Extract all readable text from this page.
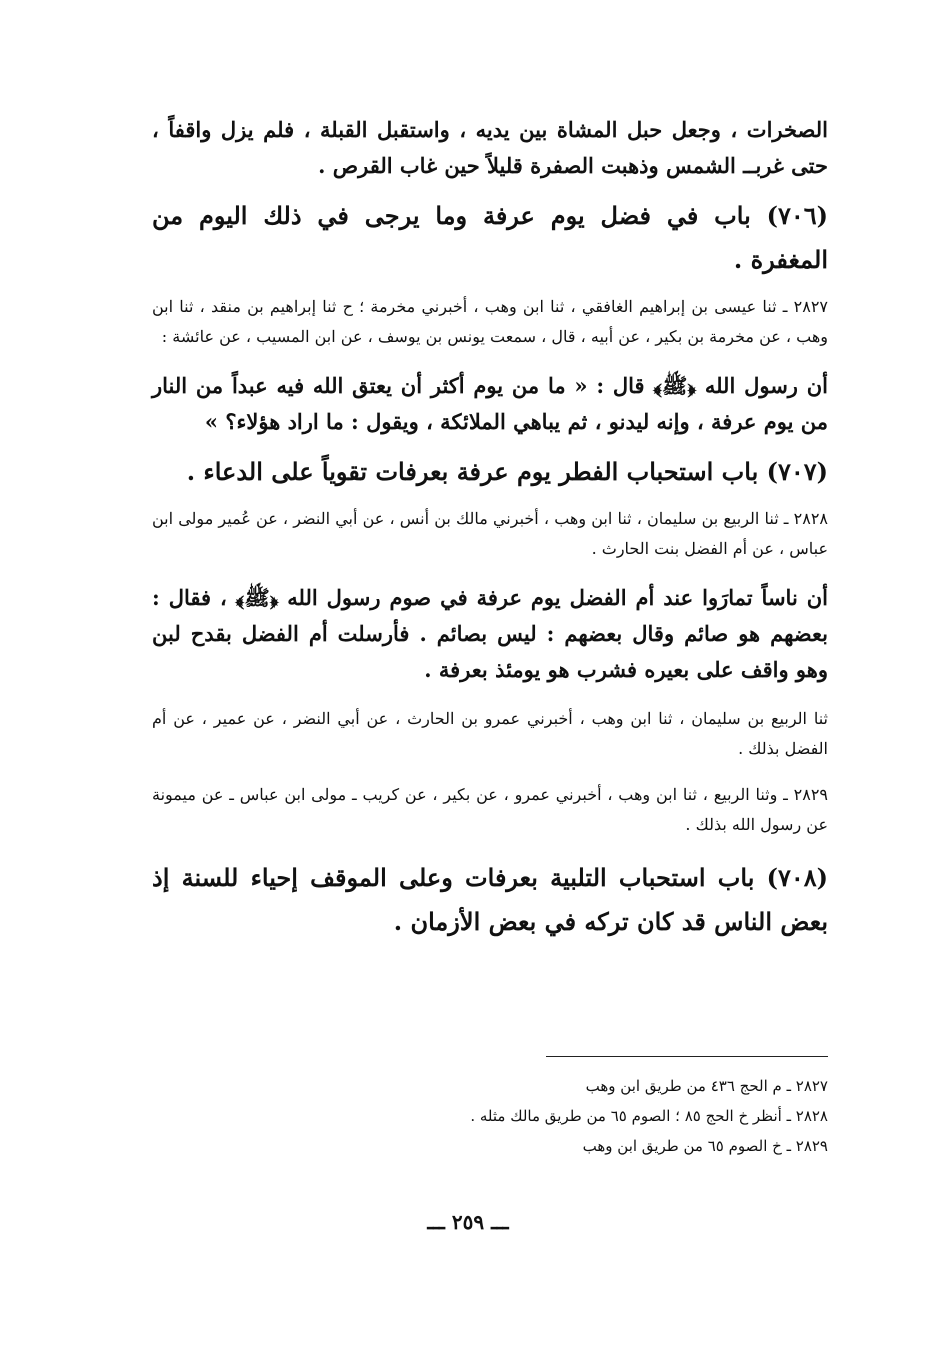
الصخرات ، وجعل حبل المشاة بين يديه ، واستقبل القبلة ، فلم يزل واقفاً ، حتى غربــ الشمس وذهبت الصفرة قليلاً حين غاب القرص .

(٧٠٦) باب في فضل يوم عرفة وما يرجى في ذلك اليوم من المغفرة .

٢٨٢٧ ـ ثنا عيسى بن إبراهيم الغافقي ، ثنا ابن وهب ، أخبرني مخرمة ؛ ح ثنا إبراهيم بن منقد ، ثنا ابن وهب ، عن مخرمة بن بكير ، عن أبيه ، قال ، سمعت يونس بن يوسف ، عن ابن المسيب ، عن عائشة :

أن رسول الله ﴿ﷺ﴾ قال : « ما من يوم أكثر أن يعتق الله فيه عبداً من النار من يوم عرفة ، وإنه ليدنو ، ثم يباهي الملائكة ، ويقول : ما اراد هؤلاء؟ »

(٧٠٧) باب استحباب الفطر يوم عرفة بعرفات تقوياً على الدعاء .

٢٨٢٨ ـ ثنا الربيع بن سليمان ، ثنا ابن وهب ، أخبرني مالك بن أنس ، عن أبي النضر ، عن عُمير مولى ابن عباس ، عن أم الفضل بنت الحارث .

أن ناساً تمارَوا عند أم الفضل يوم عرفة في صوم رسول الله ﴿ﷺ﴾ ، فقال : بعضهم هو صائم وقال بعضهم : ليس بصائم . فأرسلت أم الفضل بقدح لبن وهو واقف على بعيره فشرب هو يومئذ بعرفة .

ثنا الربيع بن سليمان ، ثنا ابن وهب ، أخبرني عمرو بن الحارث ، عن أبي النضر ، عن عمير ، عن أم الفضل بذلك .

٢٨٢٩ ـ وثنا الربيع ، ثنا ابن وهب ، أخبرني عمرو ، عن بكير ، عن كريب ـ مولى ابن عباس ـ عن ميمونة عن رسول الله بذلك .

(٧٠٨) باب استحباب التلبية بعرفات وعلى الموقف إحياء للسنة إذ بعض الناس قد كان تركه في بعض الأزمان .

٢٨٢٧ ـ م الحج ٤٣٦ من طريق ابن وهب

٢٨٢٨ ـ أنظر خ الحج ٨٥ ؛ الصوم ٦٥ من طريق مالك مثله .

٢٨٢٩ ـ خ الصوم ٦٥ من طريق ابن وهب

ـــ ٢٥٩ ـــ
